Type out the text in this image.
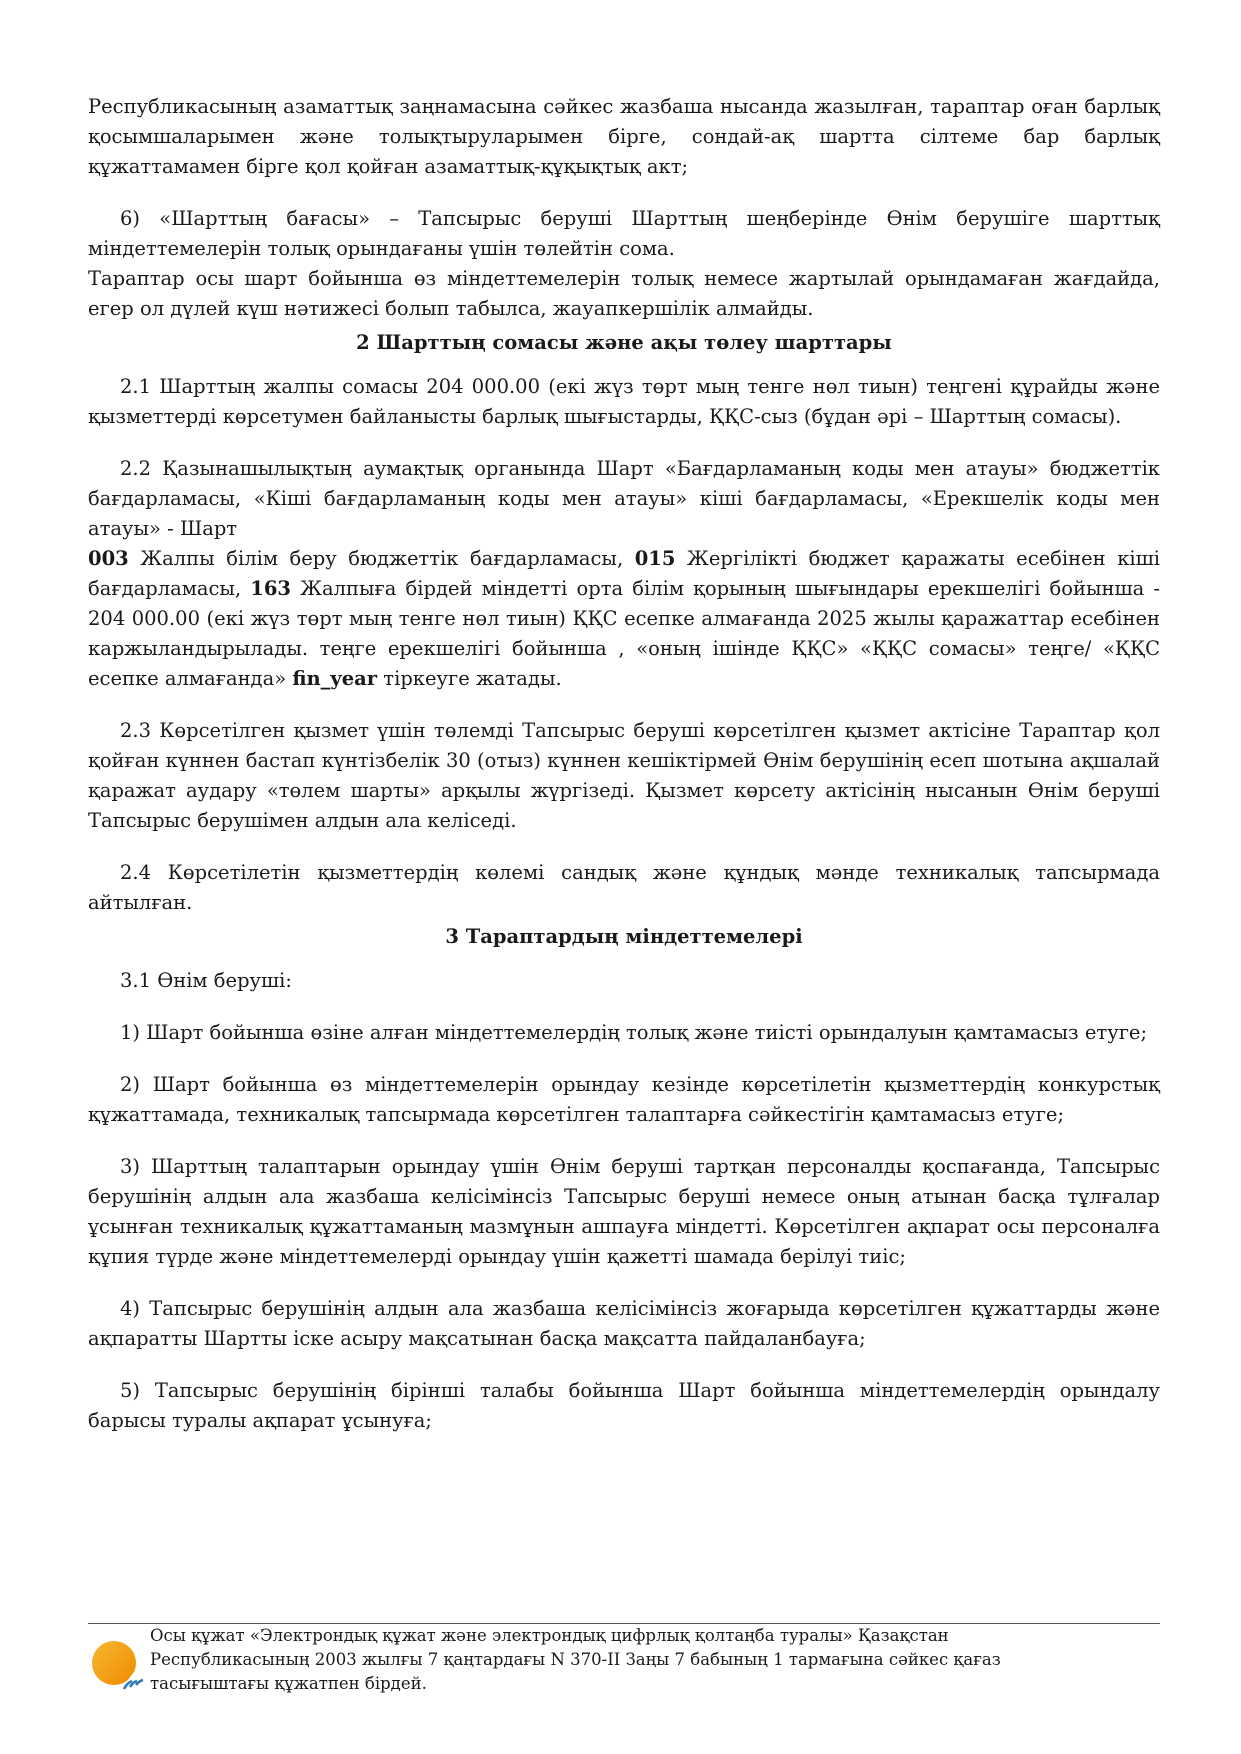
Республикасының азаматтық заңнамасына сәйкес жазбаша нысанда жазылған, тараптар оған барлық қосымшаларымен және толықтыруларымен бірге, сондай-ақ шартта сілтеме бар барлық құжаттамамен бірге қол қойған азаматтық-құқықтық акт;

6) «Шарттың бағасы» – Тапсырыс беруші Шарттың шеңберінде Өнім берушіге шарттық міндеттемелерін толық орындағаны үшін төлейтін сома.

Тараптар осы шарт бойынша өз міндеттемелерін толық немесе жартылай орындамаған жағдайда, егер ол дүлей күш нәтижесі болып табылса, жауапкершілік алмайды.

2 Шарттың сомасы және ақы төлеу шарттары

2.1 Шарттың жалпы сомасы 204 000.00 (екі жүз төрт мың тенге нөл тиын) теңгені құрайды және қызметтерді көрсетумен байланысты барлық шығыстарды, ҚҚС-сыз (бұдан әрі – Шарттың сомасы).

2.2 Қазынашылықтың аумақтық органында Шарт «Бағдарламаның коды мен атауы» бюджеттік бағдарламасы, «Кіші бағдарламаның коды мен атауы» кіші бағдарламасы, «Ерекшелік коды мен атауы» - Шарт
003 Жалпы білім беру бюджеттік бағдарламасы, 015 Жергілікті бюджет қаражаты есебінен кіші бағдарламасы, 163 Жалпыға бірдей міндетті орта білім қорының шығындары ерекшелігі бойынша - 204 000.00 (екі жүз төрт мың тенге нөл тиын) ҚҚС есепке алмағанда 2025 жылы қаражаттар есебінен каржыландырылады. теңге ерекшелігі бойынша , «оның ішінде ҚҚС» «ҚҚС сомасы» теңге/ «ҚҚС есепке алмағанда» fin_year тіркеуге жатады.

2.3 Көрсетілген қызмет үшін төлемді Тапсырыс беруші көрсетілген қызмет актісіне Тараптар қол қойған күннен бастап күнтізбелік 30 (отыз) күннен кешіктірмей Өнім берушінің есеп шотына ақшалай қаражат аудару «төлем шарты» арқылы жүргізеді. Қызмет көрсету актісінің нысанын Өнім беруші Тапсырыс берушімен алдын ала келіседі.

2.4 Көрсетілетін қызметтердің көлемі сандық және құндық мәнде техникалық тапсырмада айтылған.

3 Тараптардың міндеттемелері

3.1 Өнім беруші:

1) Шарт бойынша өзіне алған міндеттемелердің толық және тиісті орындалуын қамтамасыз етуге;

2) Шарт бойынша өз міндеттемелерін орындау кезінде көрсетілетін қызметтердің конкурстық құжаттамада, техникалық тапсырмада көрсетілген талаптарға сәйкестігін қамтамасыз етуге;

3) Шарттың талаптарын орындау үшін Өнім беруші тартқан персоналды қоспағанда, Тапсырыс берушінің алдын ала жазбаша келісімінсіз Тапсырыс беруші немесе оның атынан басқа тұлғалар ұсынған техникалық құжаттаманың мазмұнын ашпауға міндетті. Көрсетілген ақпарат осы персоналға құпия түрде және міндеттемелерді орындау үшін қажетті шамада берілуі тиіс;

4) Тапсырыс берушінің алдын ала жазбаша келісімінсіз жоғарыда көрсетілген құжаттарды және ақпаратты Шартты іске асыру мақсатынан басқа мақсатта пайдаланбауға;

5) Тапсырыс берушінің бірінші талабы бойынша Шарт бойынша міндеттемелердің орындалу барысы туралы ақпарат ұсынуға;

Осы құжат «Электрондық құжат және электрондық цифрлық қолтаңба туралы» Қазақстан Республикасының 2003 жылғы 7 қаңтардағы N 370-II Заңы 7 бабының 1 тармағына сәйкес қағаз тасығыштағы құжатпен бірдей.
